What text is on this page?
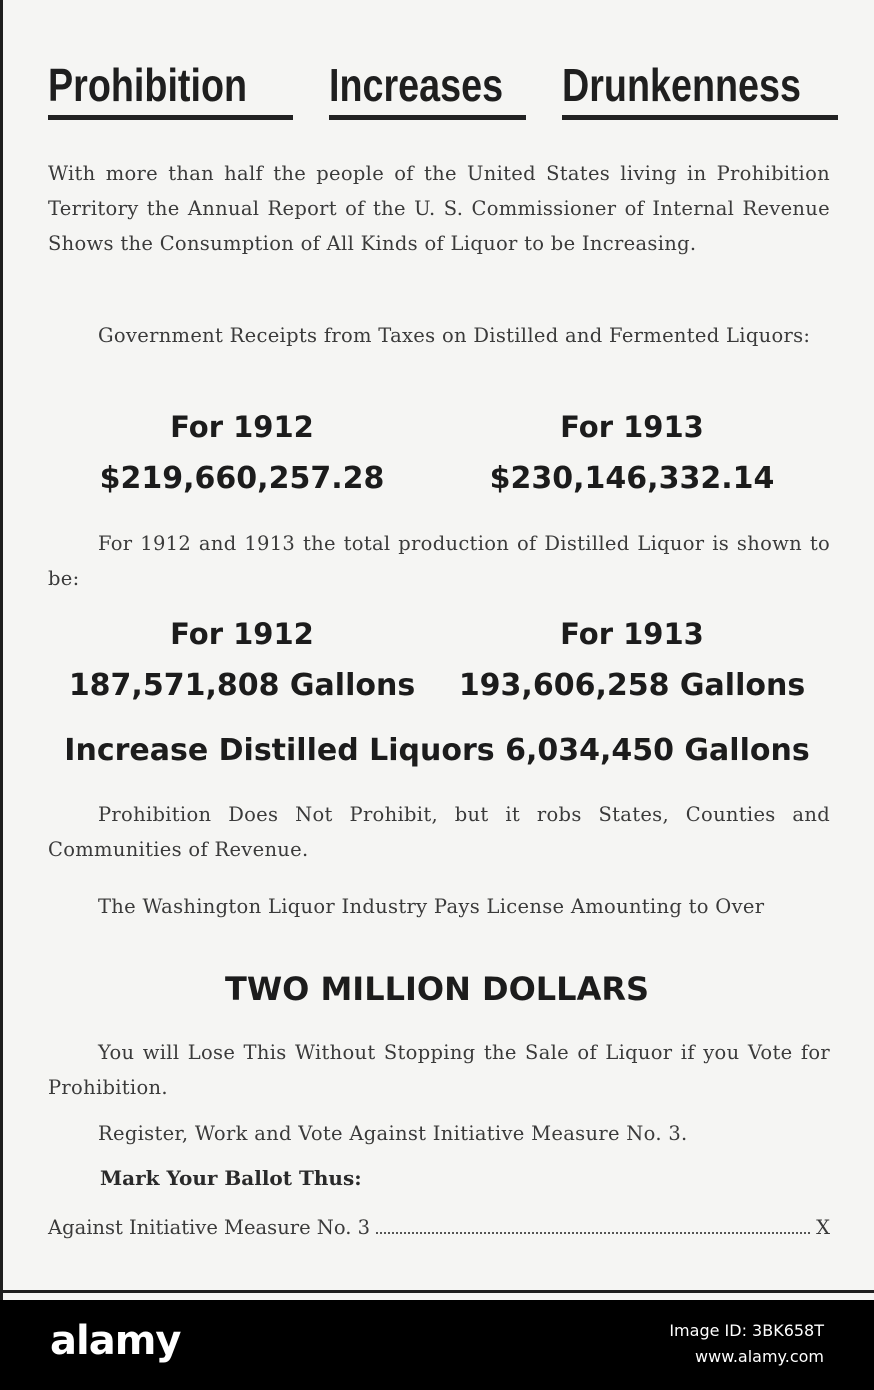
Prohibition Increases Drunkenness
With more than half the people of the United States living in Prohibition Territory the Annual Report of the U. S. Commissioner of Internal Revenue Shows the Consumption of All Kinds of Liquor to be Increasing.
Government Receipts from Taxes on Distilled and Fermented Liquors:
For 1912	For 1913
$219,660,257.28	$230,146,332.14
For 1912 and 1913 the total production of Distilled Liquor is shown to be:
For 1912	For 1913
187,571,808 Gallons	193,606,258 Gallons
Increase Distilled Liquors 6,034,450 Gallons
Prohibition Does Not Prohibit, but it robs States, Counties and Communities of Revenue.
The Washington Liquor Industry Pays License Amounting to Over
TWO MILLION DOLLARS
You will Lose This Without Stopping the Sale of Liquor if you Vote for Prohibition.
Register, Work and Vote Against Initiative Measure No. 3.
Mark Your Ballot Thus:
Against Initiative Measure No. 3	X
alamy	Image ID: 3BK658T
www.alamy.com
